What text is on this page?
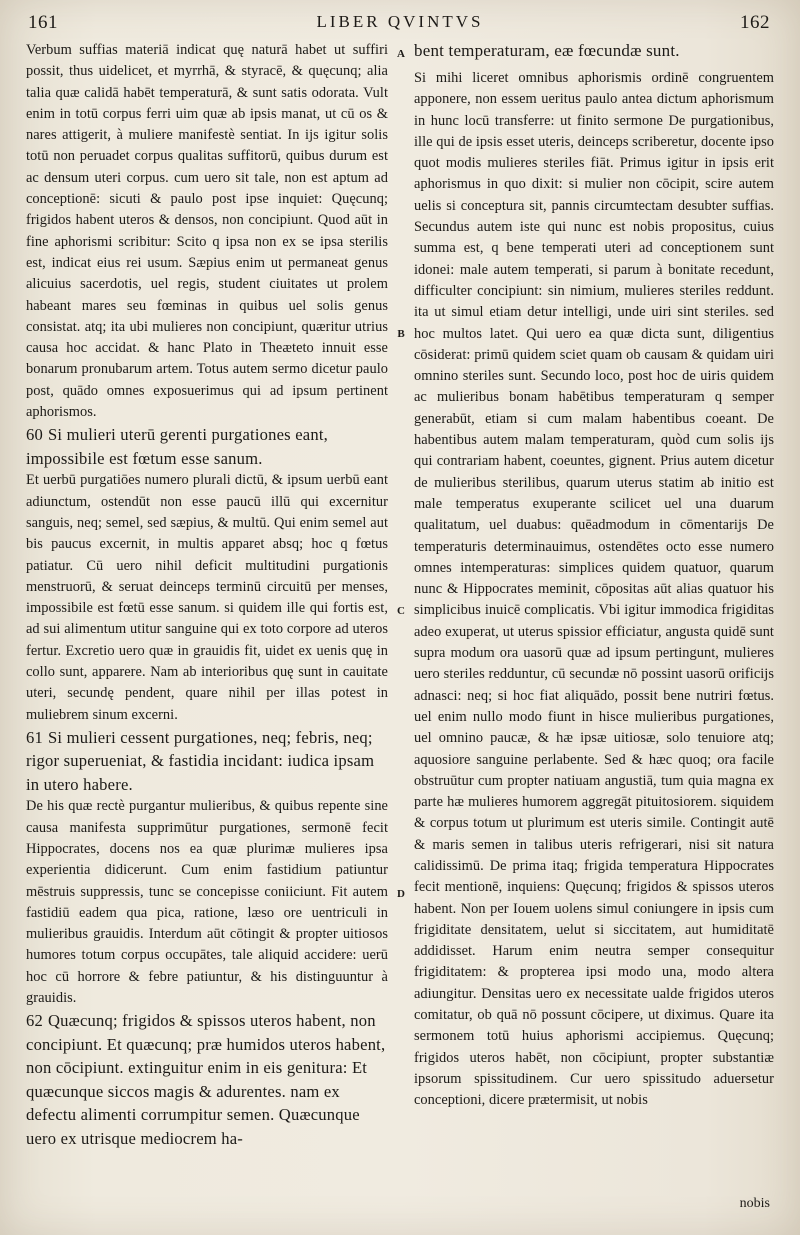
161	LIBER QVINTVS	162

Verbum suffias materiā indicat quę naturā habet ut suffiri possit, thus uidelicet, et myrrhā, & styracē, & quęcunq; alia talia quæ calidā habēt temperaturā, & sunt satis odorata. Vult enim in totū corpus ferri uim quæ ab ipsis manat, ut cū os & nares attigerit, à muliere manifestè sentiat. In ijs igitur solis totū non peruadet corpus qualitas suffitorū, quibus durum est ac densum uteri corpus. cum uero sit tale, non est aptum ad conceptionē: sicuti & paulo post ipse inquiet: Quęcunq; frigidos habent uteros & densos, non concipiunt. Quod aūt in fine aphorismi scribitur: Scito q ipsa non ex se ipsa sterilis est, indicat eius rei usum. Sæpius enim ut permaneat genus alicuius sacerdotis, uel regis, student ciuitates ut prolem habeant mares seu fœminas in quibus uel solis genus consistat. atq; ita ubi mulieres non concipiunt, quæritur utrius causa hoc accidat. & hanc Plato in Theæteto innuit esse bonarum pronubarum artem. Totus autem sermo dicetur paulo post, quādo omnes exposuerimus qui ad ipsum pertinent aphorismos.

60 Si mulieri uterū gerenti purgationes eant, impossibile est fœtum esse sanum.

Et uerbū purgatiōes numero plurali dictū, & ipsum uerbū eant adiunctum, ostendūt non esse paucū illū qui excernitur sanguis, neq; semel, sed sæpius, & multū. Qui enim semel aut bis paucus excernit, in multis apparet absq; hoc q fœtus patiatur. Cū uero nihil deficit multitudini purgationis menstruorū, & seruat deinceps terminū circuitū per menses, impossibile est fœtū esse sanum. si quidem ille qui fortis est, ad sui alimentum utitur sanguine qui ex toto corpore ad uteros fertur. Excretio uero quæ in grauidis fit, uidet ex uenis quę in collo sunt, apparere. Nam ab interioribus quę sunt in cauitate uteri, secundę pendent, quare nihil per illas potest in muliebrem sinum excerni.

61 Si mulieri cessent purgationes, neq; febris, neq; rigor superueniat, & fastidia incidant: iudica ipsam in utero habere.

De his quæ rectè purgantur mulieribus, & quibus repente sine causa manifesta supprimūtur purgationes, sermonē fecit Hippocrates, docens nos ea quæ plurimæ mulieres ipsa experientia didicerunt. Cum enim fastidium patiuntur mēstruis suppressis, tunc se concepisse coniiciunt. Fit autem fastidiū eadem qua pica, ratione, læso ore uentriculi in mulieribus grauidis. Interdum aūt cōtingit & propter uitiosos humores totum corpus occupātes, tale aliquid accidere: uerū hoc cū horrore & febre patiuntur, & his distinguuntur à grauidis.

62 Quæcunq; frigidos & spissos uteros habent, non concipiunt. Et quæcunq; præ humidos uteros habent, non cōcipiunt. extinguitur enim in eis genitura: Et quæcunque siccos magis & adurentes. nam ex defectu alimenti corrumpitur semen. Quæcunque uero ex utrisque mediocrem ha-

A
B
C
D

bent temperaturam, eæ fœcundæ sunt.

Si mihi liceret omnibus aphorismis ordinē congruentem apponere, non essem ueritus paulo antea dictum aphorismum in hunc locū transferre: ut finito sermone De purgationibus, ille qui de ipsis esset uteris, deinceps scriberetur, docente ipso quot modis mulieres steriles fiāt. Primus igitur in ipsis erit aphorismus in quo dixit: si mulier non cōcipit, scire autem uelis si conceptura sit, pannis circumtectam desubter suffias. Secundus autem iste qui nunc est nobis propositus, cuius summa est, q bene temperati uteri ad conceptionem sunt idonei: male autem temperati, si parum à bonitate recedunt, difficulter concipiunt: sin nimium, mulieres steriles reddunt. ita ut simul etiam detur intelligi, unde uiri sint steriles. sed hoc multos latet. Qui uero ea quæ dicta sunt, diligentius cōsiderat: primū quidem sciet quam ob causam & quidam uiri omnino steriles sunt. Secundo loco, post hoc de uiris quidem ac mulieribus bonam habētibus temperaturam q semper generabūt, etiam si cum malam habentibus coeant. De habentibus autem malam temperaturam, quòd cum solis ijs qui contrariam habent, coeuntes, gignent. Prius autem dicetur de mulieribus sterilibus, quarum uterus statim ab initio est male temperatus exuperante scilicet uel una duarum qualitatum, uel duabus: quēadmodum in cōmentarijs De temperaturis determinauimus, ostendētes octo esse numero omnes intemperaturas: simplices quidem quatuor, quarum nunc & Hippocrates meminit, cōpositas aūt alias quatuor his simplicibus inuicē complicatis. Vbi igitur immodica frigiditas adeo exuperat, ut uterus spissior efficiatur, angusta quidē sunt supra modum ora uasorū quæ ad ipsum pertingunt, mulieres uero steriles redduntur, cū secundæ nō possint uasorū orificijs adnasci: neq; si hoc fiat aliquādo, possit bene nutriri fœtus. uel enim nullo modo fiunt in hisce mulieribus purgationes, uel omnino paucæ, & hæ ipsæ uitiosæ, solo tenuiore atq; aquosiore sanguine perlabente. Sed & hæc quoq; ora facile obstruūtur cum propter natiuam angustiā, tum quia magna ex parte hæ mulieres humorem aggregāt pituitosiorem. siquidem & corpus totum ut plurimum est uteris simile. Contingit autē & maris semen in talibus uteris refrigerari, nisi sit natura calidissimū. De prima itaq; frigida temperatura Hippocrates fecit mentionē, inquiens: Quęcunq; frigidos & spissos uteros habent. Non per Iouem uolens simul coniungere in ipsis cum frigiditate densitatem, uelut si siccitatem, aut humiditatē addidisset. Harum enim neutra semper consequitur frigiditatem: & propterea ipsi modo una, modo altera adiungitur. Densitas uero ex necessitate ualde frigidos uteros comitatur, ob quā nō possunt cōcipere, ut diximus. Quare ita sermonem totū huius aphorismi accipiemus. Quęcunq; frigidos uteros habēt, non cōcipiunt, propter substantiæ ipsorum spissitudinem. Cur uero spissitudo aduersetur conceptioni, dicere prætermisit, ut nobis

nobis
